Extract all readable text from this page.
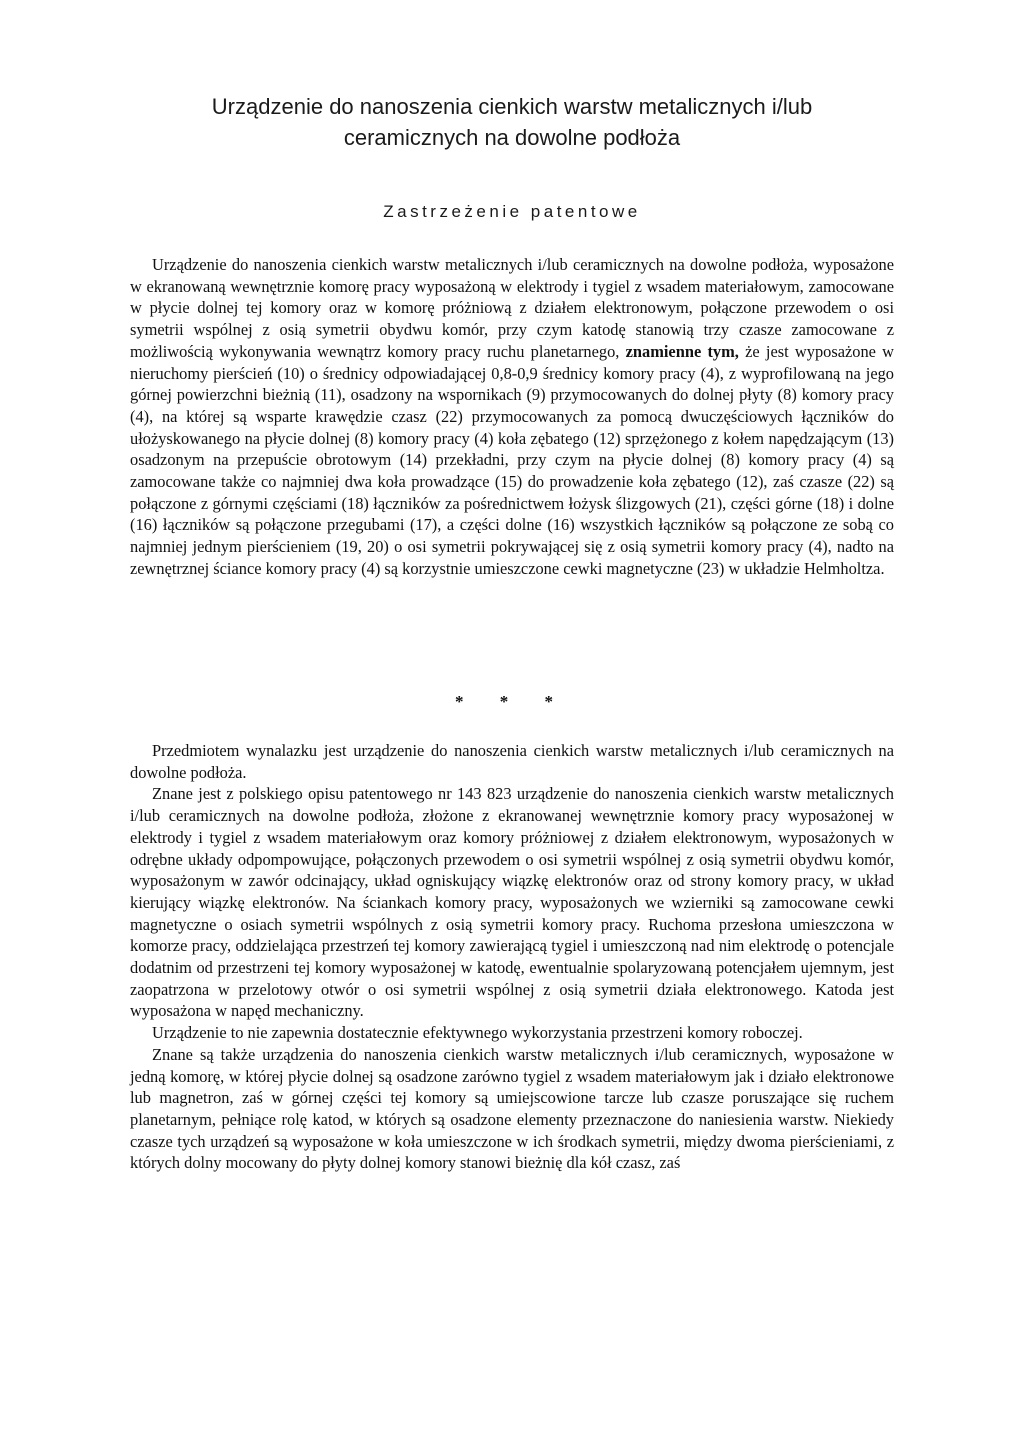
Urządzenie do nanoszenia cienkich warstw metalicznych i/lub
ceramicznych na dowolne podłoża
Zastrzeżenie patentowe

Urządzenie do nanoszenia cienkich warstw metalicznych i/lub ceramicznych na dowolne podłoża, wyposażone w ekranowaną wewnętrznie komorę pracy wyposażoną w elektrody i tygiel z wsadem materiałowym, zamocowane w płycie dolnej tej komory oraz w komorę próżniową z działem elektronowym, połączone przewodem o osi symetrii wspólnej z osią symetrii obydwu komór, przy czym katodę stanowią trzy czasze zamocowane z możliwością wykonywania wewnątrz komory pracy ruchu planetarnego, znamienne tym, że jest wyposażone w nieruchomy pierścień (10) o średnicy odpowiadającej 0,8-0,9 średnicy komory pracy (4), z wyprofilowaną na jego górnej powierzchni bieżnią (11), osadzony na wspornikach (9) przymocowanych do dolnej płyty (8) komory pracy (4), na której są wsparte krawędzie czasz (22) przymocowanych za pomocą dwuczęściowych łączników do ułożyskowanego na płycie dolnej (8) komory pracy (4) koła zębatego (12) sprzężonego z kołem napędzającym (13) osadzonym na przepuście obrotowym (14) przekładni, przy czym na płycie dolnej (8) komory pracy (4) są zamocowane także co najmniej dwa koła prowadzące (15) do prowadzenie koła zębatego (12), zaś czasze (22) są połączone z górnymi częściami (18) łączników za pośrednictwem łożysk ślizgowych (21), części górne (18) i dolne (16) łączników są połączone przegubami (17), a części dolne (16) wszystkich łączników są połączone ze sobą co najmniej jednym pierścieniem (19, 20) o osi symetrii pokrywającej się z osią symetrii komory pracy (4), nadto na zewnętrznej ściance komory pracy (4) są korzystnie umieszczone cewki magnetyczne (23) w układzie Helmholtza.

* * *

Przedmiotem wynalazku jest urządzenie do nanoszenia cienkich warstw metalicznych i/lub ceramicznych na dowolne podłoża.

Znane jest z polskiego opisu patentowego nr 143 823 urządzenie do nanoszenia cienkich warstw metalicznych i/lub ceramicznych na dowolne podłoża, złożone z ekranowanej wewnętrznie komory pracy wyposażonej w elektrody i tygiel z wsadem materiałowym oraz komory próżniowej z działem elektronowym, wyposażonych w odrębne układy odpompowujące, połączonych przewodem o osi symetrii wspólnej z osią symetrii obydwu komór, wyposażonym w zawór odcinający, układ ogniskujący wiązkę elektronów oraz od strony komory pracy, w układ kierujący wiązkę elektronów. Na ściankach komory pracy, wyposażonych we wzierniki są zamocowane cewki magnetyczne o osiach symetrii wspólnych z osią symetrii komory pracy. Ruchoma przesłona umieszczona w komorze pracy, oddzielająca przestrzeń tej komory zawierającą tygiel i umieszczoną nad nim elektrodę o potencjale dodatnim od przestrzeni tej komory wyposażonej w katodę, ewentualnie spolaryzowaną potencjałem ujemnym, jest zaopatrzona w przelotowy otwór o osi symetrii wspólnej z osią symetrii działa elektronowego. Katoda jest wyposażona w napęd mechaniczny.

Urządzenie to nie zapewnia dostatecznie efektywnego wykorzystania przestrzeni komory roboczej.

Znane są także urządzenia do nanoszenia cienkich warstw metalicznych i/lub ceramicznych, wyposażone w jedną komorę, w której płycie dolnej są osadzone zarówno tygiel z wsadem materiałowym jak i działo elektronowe lub magnetron, zaś w górnej części tej komory są umiejscowione tarcze lub czasze poruszające się ruchem planetarnym, pełniące rolę katod, w których są osadzone elementy przeznaczone do naniesienia warstw. Niekiedy czasze tych urządzeń są wyposażone w koła umieszczone w ich środkach symetrii, między dwoma pierścieniami, z których dolny mocowany do płyty dolnej komory stanowi bieżnię dla kół czasz, zaś
